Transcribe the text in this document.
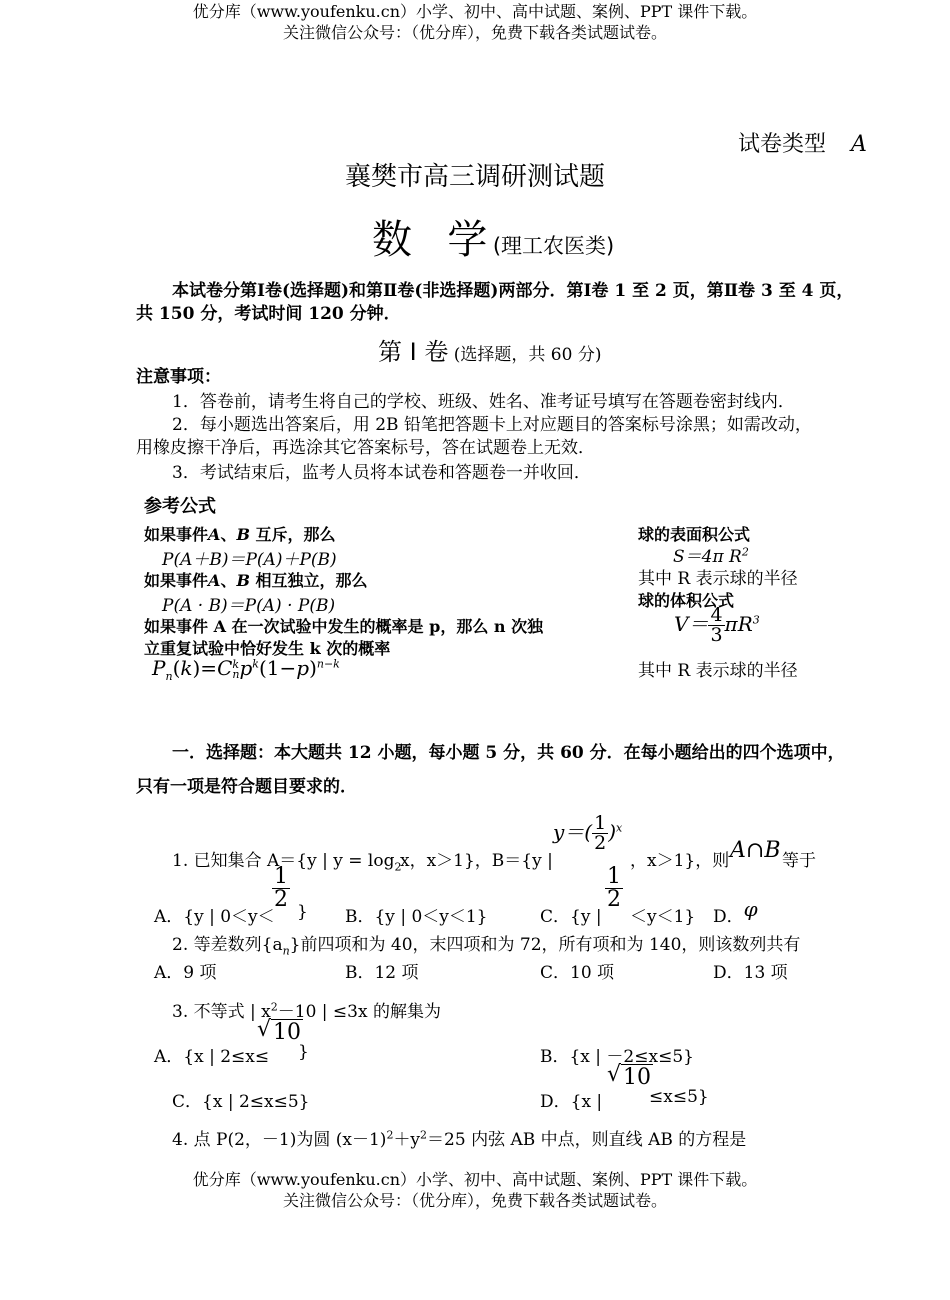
优分库（www.youfenku.cn）小学、初中、高中试题、案例、PPT 课件下载。
关注微信公众号：（优分库），免费下载各类试题试卷。
试卷类型 A
襄樊市高三调研测试题
数 学 (理工农医类)
本试卷分第Ⅰ卷(选择题)和第Ⅱ卷(非选择题)两部分．第Ⅰ卷 1 至 2 页，第Ⅱ卷 3 至 4 页，
共 150 分，考试时间 120 分钟．
第 Ⅰ 卷 (选择题，共 60 分)
注意事项：
1．答卷前，请考生将自己的学校、班级、姓名、准考证号填写在答题卷密封线内．
2．每小题选出答案后，用 2B 铅笔把答题卡上对应题目的答案标号涂黑；如需改动，
用橡皮擦干净后，再选涂其它答案标号，答在试题卷上无效．
3．考试结束后，监考人员将本试卷和答题卷一并收回．
参考公式
如果事件A、B 互斥，那么
P(A＋B)＝P(A)＋P(B)
如果事件A、B 相互独立，那么
P(A · B)＝P(A) · P(B)
如果事件 A 在一次试验中发生的概率是 p，那么 n 次独
立重复试验中恰好发生 k 次的概率
$P_n(k)=C$ k
n $p^k(1-p)^{n-k}$
球的表面积公式
S＝4π $R^2$
其中 R 表示球的半径
球的体积公式
$V= \frac{4}{3} \pi R^3$
其中 R 表示球的半径
一．选择题：本大题共 12 小题，每小题 5 分，共 60 分．在每小题给出的四个选项中，
只有一项是符合题目要求的．
1. 已知集合 A＝{y | $y = \log_2$
x，x＞1}，B＝{y |
$y=( \frac{1}{2} )^x$
，x＞1}，则 A∩B 等于
A．{y | 0＜y＜
$\frac{1}{2}$
} B．{y | 0＜y＜1}	C．{y |
$\frac{1}{2}$
＜y＜1} D．φ
2. 等差数列$\{a_n\}$前四项和为 40，末四项和为 72，所有项和为 140，则该数列共有
A．9 项	B．12 项	C．10 项	D．13 项
3. 不等式 | $x^2-10$ | ≤3x 的解集为
A．{x | 2≤x≤
√ 10
}	B．{x | －2≤x≤5}
C．{x | 2≤x≤5}	D．{x |
√ 10
≤x≤5}
4. 点 P(2，－1)为圆 $(x-1)^2+y^2=25$ 内弦 AB 中点，则直线 AB 的方程是
优分库（www.youfenku.cn）小学、初中、高中试题、案例、PPT 课件下载。
关注微信公众号：（优分库），免费下载各类试题试卷。
